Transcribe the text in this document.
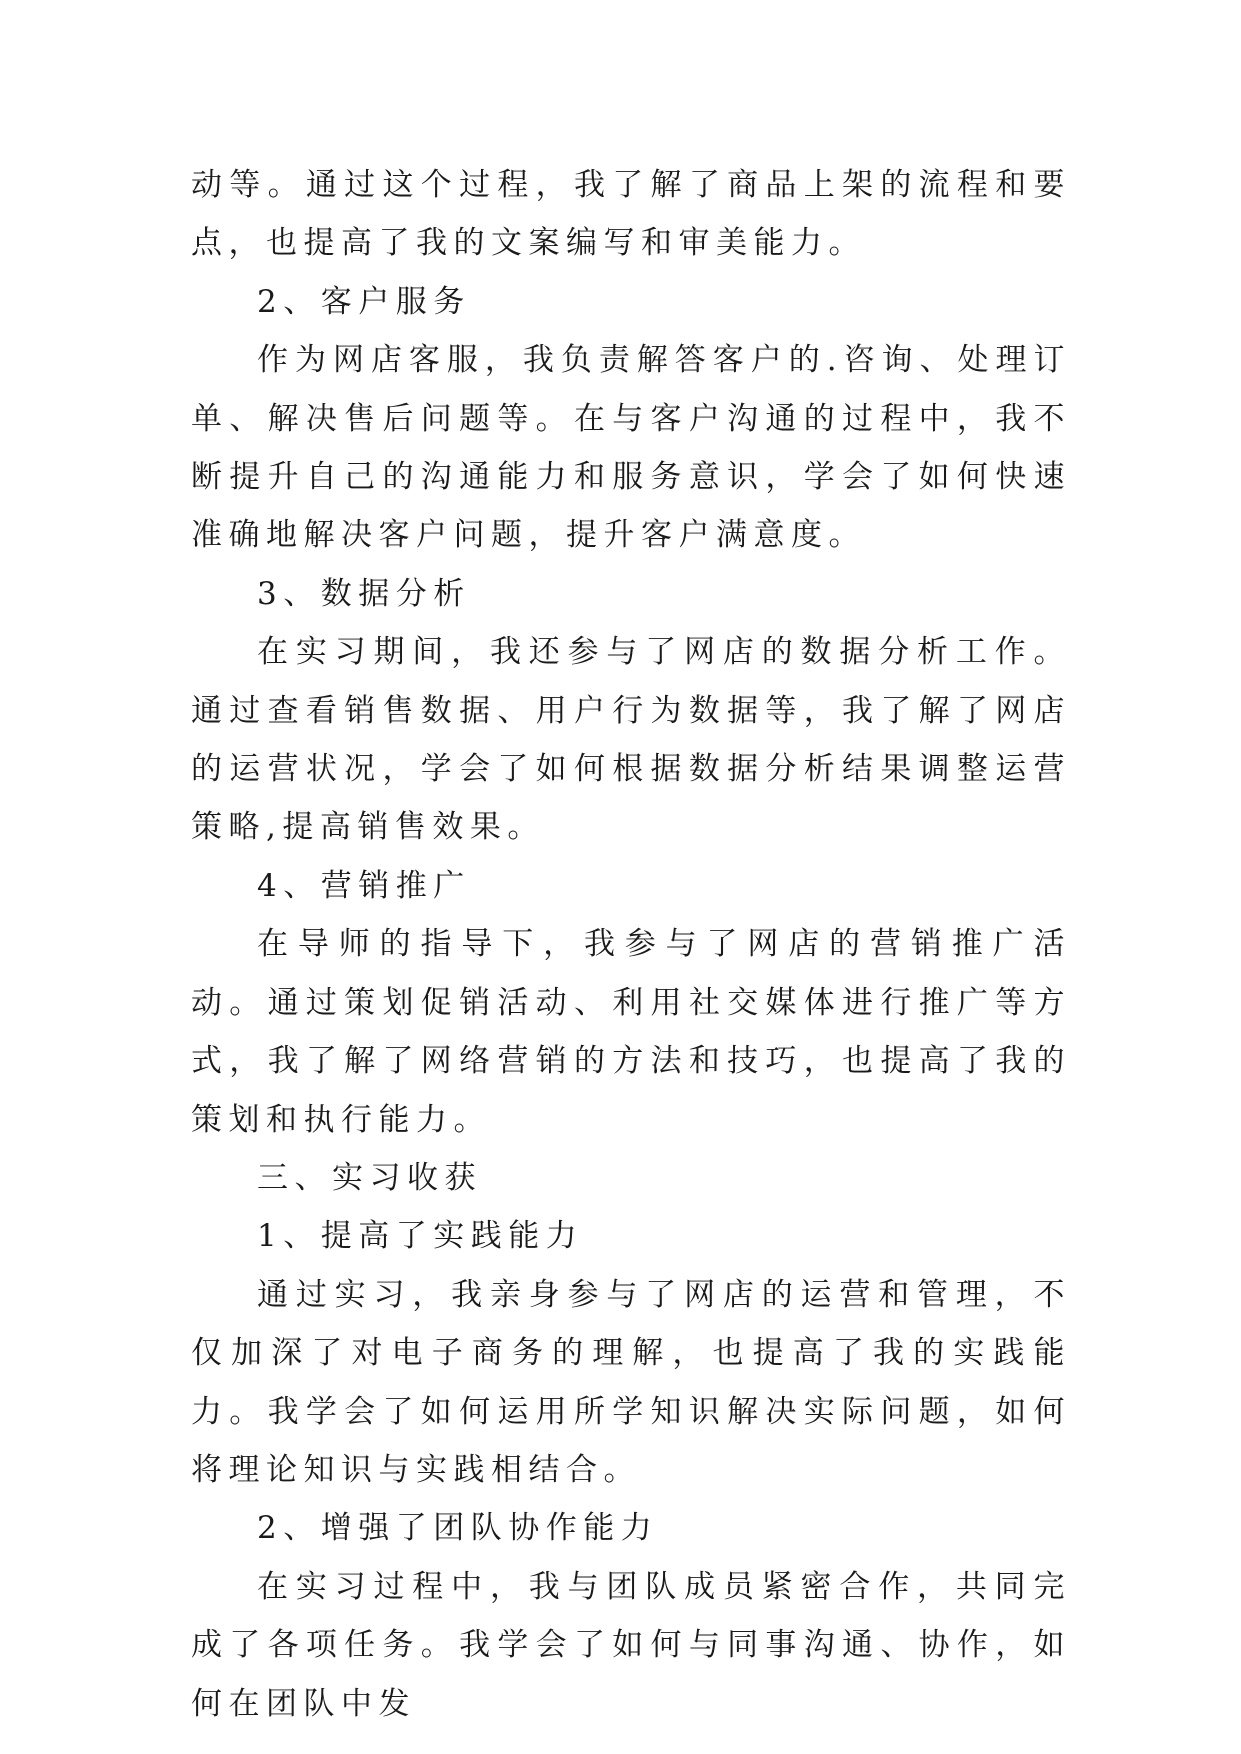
动等。通过这个过程，我了解了商品上架的流程和要点，也提高了我的文案编写和审美能力。

2、客户服务

作为网店客服，我负责解答客户的.咨询、处理订单、解决售后问题等。在与客户沟通的过程中，我不断提升自己的沟通能力和服务意识，学会了如何快速准确地解决客户问题，提升客户满意度。

3、数据分析

在实习期间，我还参与了网店的数据分析工作。通过查看销售数据、用户行为数据等，我了解了网店的运营状况，学会了如何根据数据分析结果调整运营策略,提高销售效果。

4、营销推广

在导师的指导下，我参与了网店的营销推广活动。通过策划促销活动、利用社交媒体进行推广等方式，我了解了网络营销的方法和技巧，也提高了我的策划和执行能力。

三、实习收获

1、提高了实践能力

通过实习，我亲身参与了网店的运营和管理，不仅加深了对电子商务的理解，也提高了我的实践能力。我学会了如何运用所学知识解决实际问题，如何将理论知识与实践相结合。

2、增强了团队协作能力

在实习过程中，我与团队成员紧密合作，共同完成了各项任务。我学会了如何与同事沟通、协作，如何在团队中发
